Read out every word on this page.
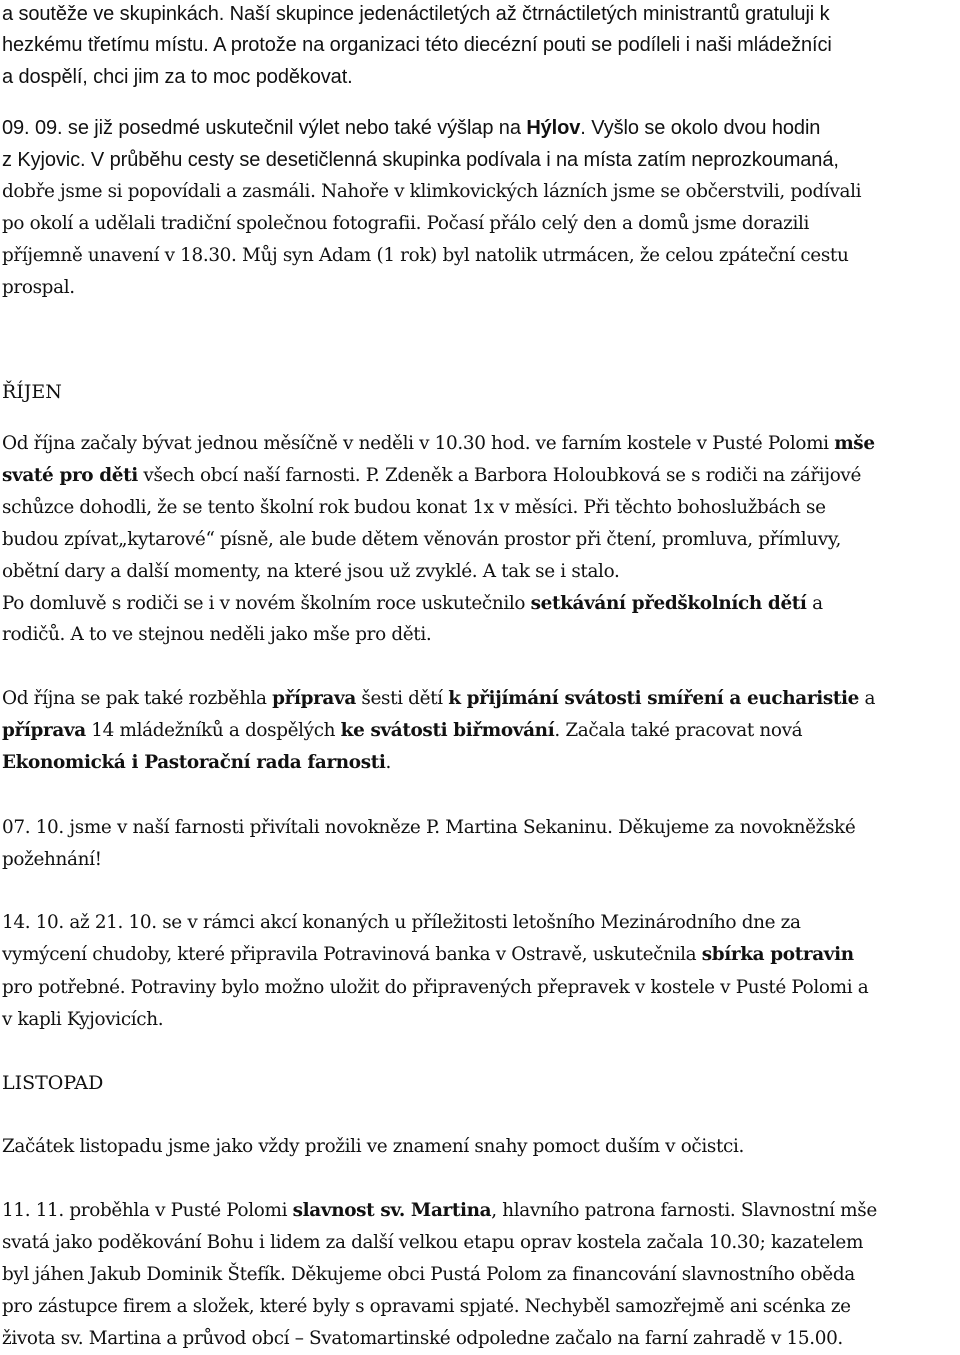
a soutěže ve skupinkách. Naší skupince jedenáctiletých až čtrnáctiletých ministrantů gratuluji k
hezkému třetímu místu. A protože na organizaci této diecézní pouti se podíleli i naši mládežníci
a dospělí, chci jim za to moc poděkovat.
09. 09. se již posedmé uskutečnil výlet nebo také výšlap na Hýlov. Vyšlo se okolo dvou hodin
z Kyjovic. V průběhu cesty se desetičlenná skupinka podívala i na místa zatím neprozkoumaná,
dobře jsme si popovídali a zasmáli. Nahoře v klimkovických lázních jsme se občerstvili, podívali
po okolí a udělali tradiční společnou fotografii. Počasí přálo celý den a domů jsme dorazili
příjemně unavení v 18.30. Můj syn Adam (1 rok) byl natolik utrmácen, že celou zpáteční cestu
prospal.
ŘÍJEN
Od října začaly bývat jednou měsíčně v neděli v 10.30 hod. ve farním kostele v Pusté Polomi mše
svaté pro děti všech obcí naší farnosti. P. Zdeněk a Barbora Holoubková se s rodiči na zářijové
schůzce dohodli, že se tento školní rok budou konat 1x v měsíci. Při těchto bohoslužbách se
budou zpívat„kytarové“ písně, ale bude dětem věnován prostor při čtení, promluva, přímluvy,
obětní dary a další momenty, na které jsou už zvyklé. A tak se i stalo.
Po domluvě s rodiči se i v novém školním roce uskutečnilo setkávání předškolních dětí a
rodičů. A to ve stejnou neděli jako mše pro děti.
Od října se pak také rozběhla příprava šesti dětí k přijímání svátosti smíření a eucharistie a
příprava 14 mládežníků a dospělých ke svátosti biřmování. Začala také pracovat nová
Ekonomická i Pastorační rada farnosti.
07. 10. jsme v naší farnosti přivítali novokněze P. Martina Sekaninu. Děkujeme za novokněžské
požehnání!
14. 10. až 21. 10. se v rámci akcí konaných u příležitosti letošního Mezinárodního dne za
vymýcení chudoby, které připravila Potravinová banka v Ostravě, uskutečnila sbírka potravin
pro potřebné. Potraviny bylo možno uložit do připravených přepravek v kostele v Pusté Polomi a
v kapli Kyjovicích.
LISTOPAD
Začátek listopadu jsme jako vždy prožili ve znamení snahy pomoct duším v očistci.
11. 11. proběhla v Pusté Polomi slavnost sv. Martina, hlavního patrona farnosti. Slavnostní mše
svatá jako poděkování Bohu i lidem za další velkou etapu oprav kostela začala 10.30; kazatelem
byl jáhen Jakub Dominik Štefík. Děkujeme obci Pustá Polom za financování slavnostního oběda
pro zástupce firem a složek, které byly s opravami spjaté. Nechyběl samozřejmě ani scénka ze
života sv. Martina a průvod obcí – Svatomartinské odpoledne začalo na farní zahradě v 15.00.
